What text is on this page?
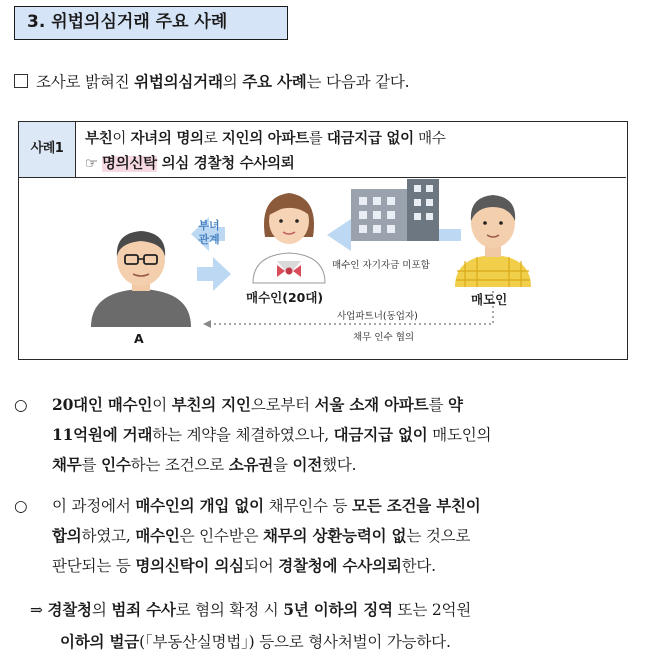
3. 위법의심거래 주요 사례
조사로 밝혀진 위법의심거래의 주요 사례는 다음과 같다.
사례1
부친이 자녀의 명의로 지인의 아파트를 대금지급 없이 매수
☞ 명의신탁 의심 경찰청 수사의뢰
부녀
관계
매수인(20대)	매도인
A
매수인 자기자금 미포함
사업파트너(동업자)
채무 인수 협의
○	20대인 매수인이 부친의 지인으로부터 서울 소재 아파트를 약
11억원에 거래하는 계약을 체결하였으나, 대금지급 없이 매도인의
채무를 인수하는 조건으로 소유권을 이전했다.
○	이 과정에서 매수인의 개입 없이 채무인수 등 모든 조건을 부친이
합의하였고, 매수인은 인수받은 채무의 상환능력이 없는 것으로
판단되는 등 명의신탁이 의심되어 경찰청에 수사의뢰한다.
⇒ 경찰청의 범죄 수사로 혐의 확정 시 5년 이하의 징역 또는 2억원
이하의 벌금(「부동산실명법」) 등으로 형사처벌이 가능하다.
